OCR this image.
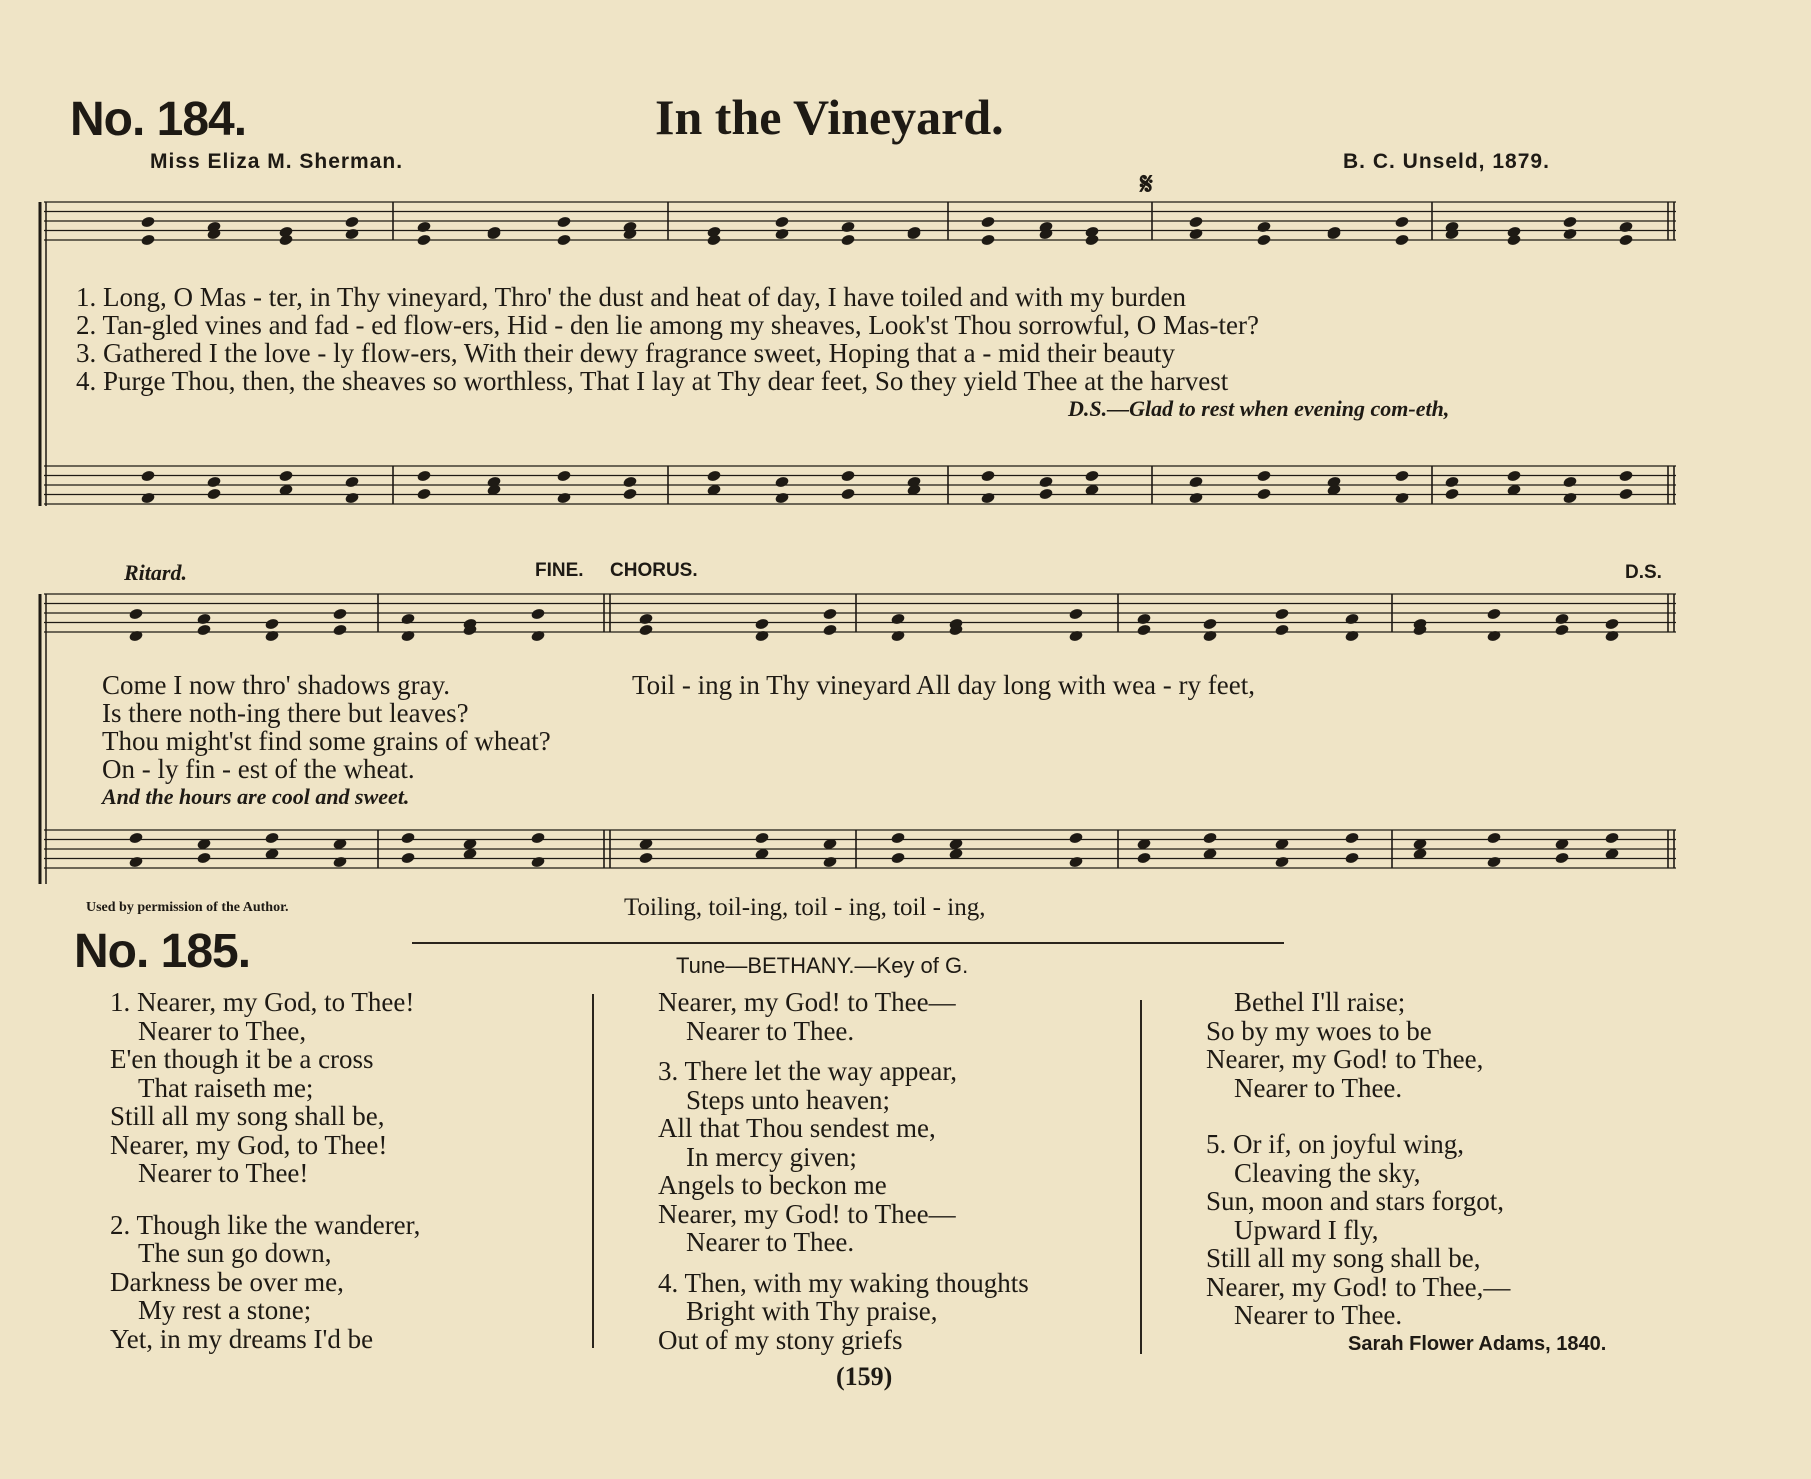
No. 184.	In the Vineyard.
Miss Eliza M. Sherman.	B. C. Unseld, 1879.
𝄋
1. Long, O Mas - ter, in Thy vineyard, Thro' the dust and heat of day, I have toiled and with my burden
2. Tan-gled vines and fad - ed flow-ers, Hid - den lie among my sheaves, Look'st Thou sorrowful, O Mas-ter?
3. Gathered I the love - ly flow-ers, With their dewy fragrance sweet, Hoping that a - mid their beauty
4. Purge Thou, then, the sheaves so worthless, That I lay at Thy dear feet, So they yield Thee at the harvest
D.S.—Glad to rest when evening com-eth,
Ritard.	FINE. CHORUS.	D.S.
Come I now thro' shadows gray.	Toil - ing in Thy vineyard All day long with wea - ry feet,
Is there noth-ing there but leaves?
Thou might'st find some grains of wheat?
On - ly fin - est of the wheat.
And the hours are cool and sweet.
Toiling, toil-ing, toil - ing, toil - ing,
Used by permission of the Author.
No. 185.	Tune—BETHANY.—Key of G.
1. Nearer, my God, to Thee!
Nearer to Thee,
E'en though it be a cross
That raiseth me;
Still all my song shall be,
Nearer, my God, to Thee!
Nearer to Thee!
2. Though like the wanderer,
The sun go down,
Darkness be over me,
My rest a stone;
Yet, in my dreams I'd be
Nearer, my God! to Thee—
Nearer to Thee.
3. There let the way appear,
Steps unto heaven;
All that Thou sendest me,
In mercy given;
Angels to beckon me
Nearer, my God! to Thee—
Nearer to Thee.
4. Then, with my waking thoughts
Bright with Thy praise,
Out of my stony griefs
Bethel I'll raise;
So by my woes to be
Nearer, my God! to Thee,
Nearer to Thee.
5. Or if, on joyful wing,
Cleaving the sky,
Sun, moon and stars forgot,
Upward I fly,
Still all my song shall be,
Nearer, my God! to Thee,—
Nearer to Thee.
Sarah Flower Adams, 1840.
(159)
